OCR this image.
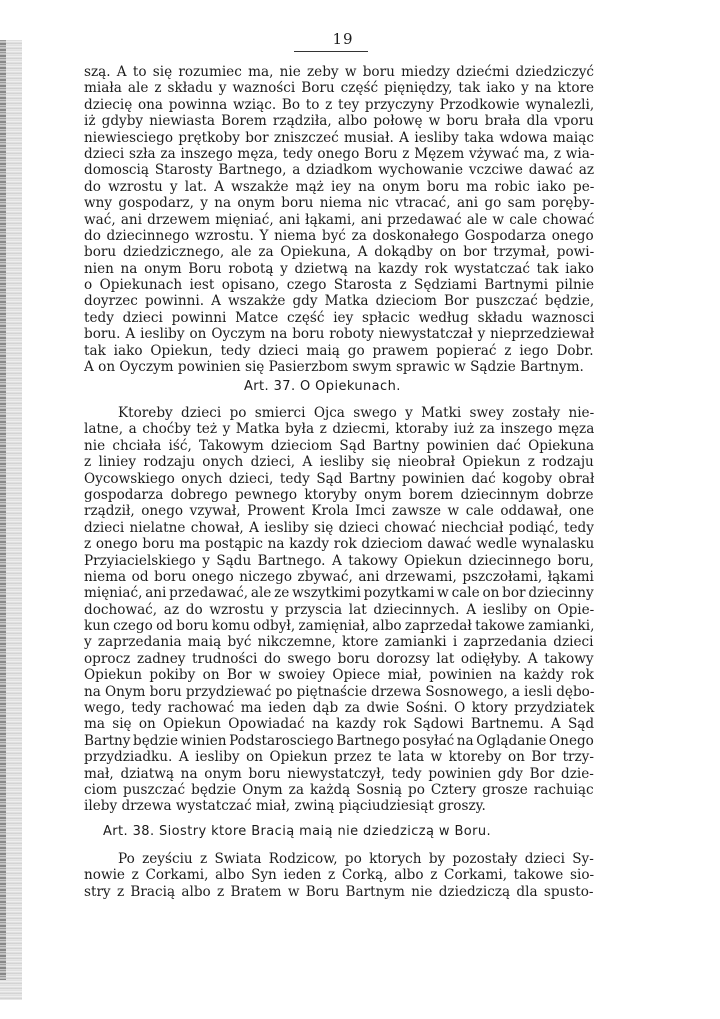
19
szą. A to się rozumiec ma, nie zeby w boru miedzy dziećmi dziedziczyć
miała ale z składu y wazności Boru część pięniędzy, tak iako y na ktore
dziecię ona powinna wziąc. Bo to z tey przyczyny Przodkowie wynalezli,
iż gdyby niewiasta Borem rządziła, albo połowę w boru brała dla vporu
niewiesciego prętkoby bor zniszczeć musiał. A iesliby taka wdowa maiąc
dzieci szła za inszego męza, tedy onego Boru z Męzem vżywać ma, z wia-
domoscią Starosty Bartnego, a dziadkom wychowanie vczciwe dawać az
do wzrostu y lat. A wszakże mąż iey na onym boru ma robic iako pe-
wny gospodarz, y na onym boru niema nic vtracać, ani go sam poręby-
wać, ani drzewem mięniać, ani łąkami, ani przedawać ale w cale chować
do dziecinnego wzrostu. Y niema być za doskonałego Gospodarza onego
boru dziedzicznego, ale za Opiekuna, A dokądby on bor trzymał, powi-
nien na onym Boru robotą y dzietwą na kazdy rok wystatczać tak iako
o Opiekunach iest opisano, czego Starosta z Sędziami Bartnymi pilnie
doyrzec powinni. A wszakże gdy Matka dzieciom Bor puszczać będzie,
tedy dzieci powinni Matce część iey spłacic według składu waznosci
boru. A iesliby on Oyczym na boru roboty niewystatczał y nieprzedziewał
tak iako Opiekun, tedy dzieci maią go prawem popierać z iego Dobr.
A on Oyczym powinien się Pasierzbom swym sprawic w Sądzie Bartnym.
Art. 37. O Opiekunach.
Ktoreby dzieci po smierci Ojca swego y Matki swey zostały nie-
latne, a choćby też y Matka była z dziecmi, ktoraby iuż za inszego męza
nie chciała iść, Takowym dzieciom Sąd Bartny powinien dać Opiekuna
z liniey rodzaju onych dzieci, A iesliby się nieobrał Opiekun z rodzaju
Oycowskiego onych dzieci, tedy Sąd Bartny powinien dać kogoby obrał
gospodarza dobrego pewnego ktoryby onym borem dziecinnym dobrze
rządził, onego vzywał, Prowent Krola Imci zawsze w cale oddawał, one
dzieci nielatne chował, A iesliby się dzieci chować niechciał podiąć, tedy
z onego boru ma postąpic na kazdy rok dzieciom dawać wedle wynalasku
Przyiacielskiego y Sądu Bartnego. A takowy Opiekun dziecinnego boru,
niema od boru onego niczego zbywać, ani drzewami, pszczołami, łąkami
mięniać, ani przedawać, ale ze wszytkimi pozytkami w cale on bor dziecinny
dochować, az do wzrostu y przyscia lat dziecinnych. A iesliby on Opie-
kun czego od boru komu odbył, zamięniał, albo zaprzedał takowe zamianki,
y zaprzedania maią być nikczemne, ktore zamianki i zaprzedania dzieci
oprocz zadney trudności do swego boru dorozsy lat odięłyby. A takowy
Opiekun pokiby on Bor w swoiey Opiece miał, powinien na każdy rok
na Onym boru przydziewać po piętnaście drzewa Sosnowego, a iesli dębo-
wego, tedy rachować ma ieden dąb za dwie Sośni. O ktory przydziatek
ma się on Opiekun Opowiadać na kazdy rok Sądowi Bartnemu. A Sąd
Bartny będzie winien Podstarosciego Bartnego posyłać na Oglądanie Onego
przydziadku. A iesliby on Opiekun przez te lata w ktoreby on Bor trzy-
mał, dziatwą na onym boru niewystatczył, tedy powinien gdy Bor dzie-
ciom puszczać będzie Onym za każdą Sosnią po Cztery grosze rachuiąc
ileby drzewa wystatczać miał, zwiną piąciudziesiąt groszy.
Art. 38. Siostry ktore Bracią maią nie dziedziczą w Boru.
Po zeyściu z Swiata Rodzicow, po ktorych by pozostały dzieci Sy-
nowie z Corkami, albo Syn ieden z Corką, albo z Corkami, takowe sio-
stry z Bracią albo z Bratem w Boru Bartnym nie dziedziczą dla spusto-
